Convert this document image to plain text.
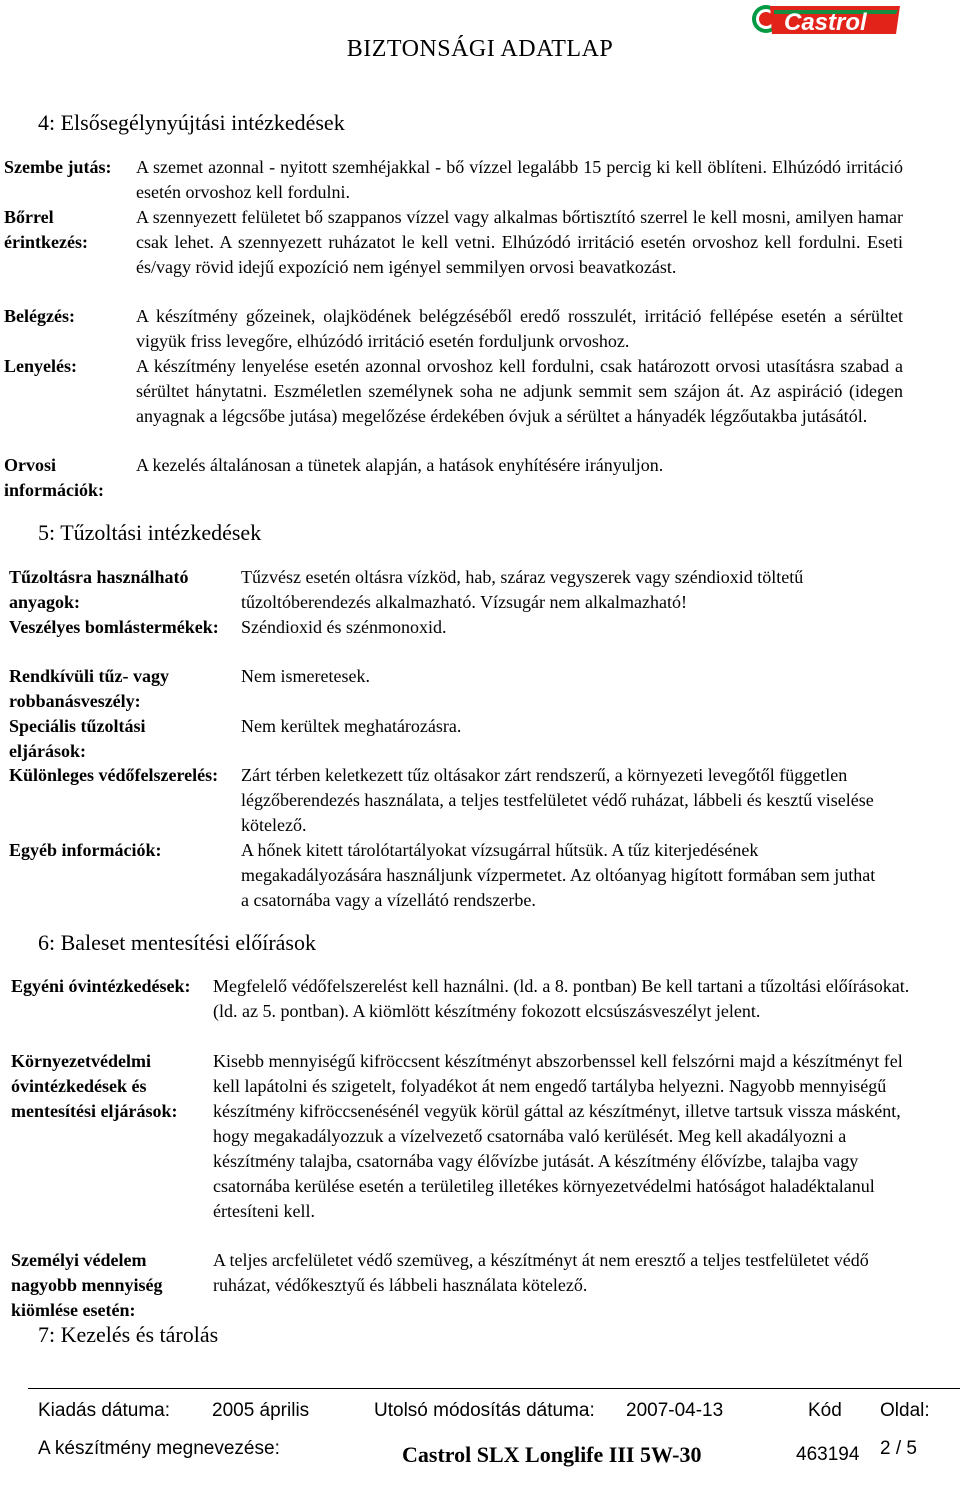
Castrol
BIZTONSÁGI ADATLAP
4: Elsősegélynyújtási intézkedések
Szembe jutás:	A szemet azonnal - nyitott szemhéjakkal - bő vízzel legalább 15 percig ki kell öblíteni. Elhúzódó irritáció esetén orvoshoz kell fordulni.
Bőrrel érintkezés:
A szennyezett felületet bő szappanos vízzel vagy alkalmas bőrtisztító szerrel le kell mosni, amilyen hamar csak lehet. A szennyezett ruházatot le kell vetni. Elhúzódó irritáció esetén orvoshoz kell fordulni. Eseti és/vagy rövid idejű expozíció nem igényel semmilyen orvosi beavatkozást.
Belégzés:	A készítmény gőzeinek, olajködének belégzéséből eredő rosszulét, irritáció fellépése esetén a sérültet vigyük friss levegőre, elhúzódó irritáció esetén forduljunk orvoshoz.
Lenyelés:	A készítmény lenyelése esetén azonnal orvoshoz kell fordulni, csak határozott orvosi utasításra szabad a sérültet hánytatni. Eszméletlen személynek soha ne adjunk semmit sem szájon át. Az aspiráció (idegen anyagnak a légcsőbe jutása) megelőzése érdekében óvjuk a sérültet a hányadék légzőutakba jutásától.
Orvosi információk:
A kezelés általánosan a tünetek alapján, a hatások enyhítésére irányuljon.
5: Tűzoltási intézkedések
Tűzoltásra használható anyagok:
Tűzvész esetén oltásra vízköd, hab, száraz vegyszerek vagy széndioxid töltetű tűzoltóberendezés alkalmazható. Vízsugár nem alkalmazható!
Veszélyes bomlástermékek: Széndioxid és szénmonoxid.
Rendkívüli tűz- vagy robbanásveszély:
Nem ismeretesek.
Speciális tűzoltási eljárások:
Nem kerültek meghatározásra.
Különleges védőfelszerelés:	Zárt térben keletkezett tűz oltásakor zárt rendszerű, a környezeti levegőtől független légzőberendezés használata, a teljes testfelületet védő ruházat, lábbeli és kesztű viselése kötelező.
Egyéb információk:	A hőnek kitett tárolótartályokat vízsugárral hűtsük. A tűz kiterjedésének megakadályozására használjunk vízpermetet. Az oltóanyag higított formában sem juthat a csatornába vagy a vízellátó rendszerbe.
6: Baleset mentesítési előírások
Egyéni óvintézkedések:	Megfelelő védőfelszerelést kell haználni. (ld. a 8. pontban) Be kell tartani a tűzoltási előírásokat. (ld. az 5. pontban). A kiömlött készítmény fokozott elcsúszásveszélyt jelent.
Környezetvédelmi óvintézkedések és mentesítési eljárások:
Kisebb mennyiségű kifröccsent készítményt abszorbenssel kell felszórni majd a készítményt fel kell lapátolni és szigetelt, folyadékot át nem engedő tartályba helyezni. Nagyobb mennyiségű készítmény kifröccsenésénél vegyük körül gáttal az készítményt, illetve tartsuk vissza másként, hogy megakadályozzuk a vízelvezető csatornába való kerülését. Meg kell akadályozni a készítmény talajba, csatornába vagy élővízbe jutását. A készítmény élővízbe, talajba vagy csatornába kerülése esetén a területileg illetékes környezetvédelmi hatóságot haladéktalanul értesíteni kell.
Személyi védelem nagyobb mennyiség kiömlése esetén:
A teljes arcfelületet védő szemüveg, a készítményt át nem eresztő a teljes testfelületet védő ruházat, védőkesztyű és lábbeli használata kötelező.
7: Kezelés és tárolás
Kiadás dátuma: 2005 április	Utolsó módosítás dátuma: 2007-04-13	Kód Oldal:
A készítmény megnevezése:	Castrol SLX Longlife III 5W-30	463194 2 / 5
